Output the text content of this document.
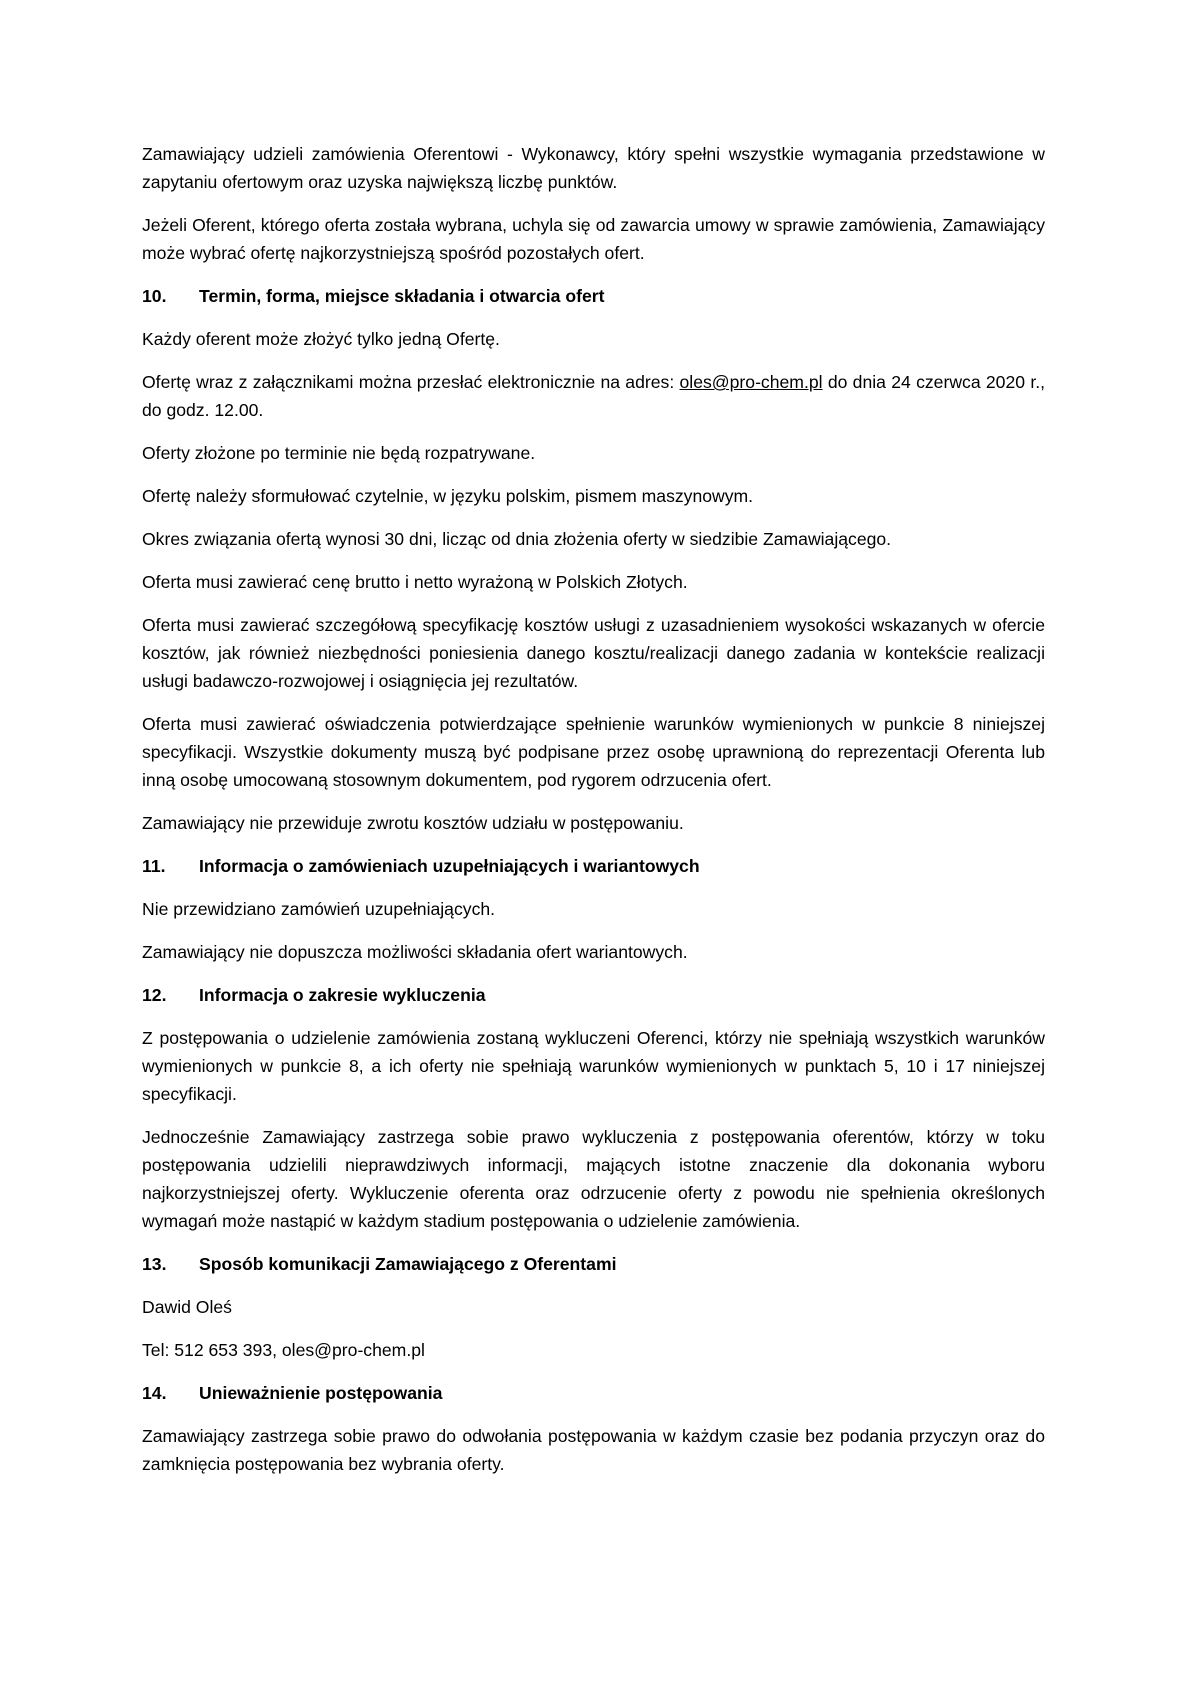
Zamawiający udzieli zamówienia Oferentowi - Wykonawcy, który spełni wszystkie wymagania przedstawione w zapytaniu ofertowym oraz uzyska największą liczbę punktów.

Jeżeli Oferent, którego oferta została wybrana, uchyla się od zawarcia umowy w sprawie zamówienia, Zamawiający może wybrać ofertę najkorzystniejszą spośród pozostałych ofert.

10.	Termin, forma, miejsce składania i otwarcia ofert

Każdy oferent może złożyć tylko jedną Ofertę.

Ofertę wraz z załącznikami można przesłać elektronicznie na adres: oles@pro-chem.pl do dnia 24 czerwca 2020 r., do godz. 12.00.

Oferty złożone po terminie nie będą rozpatrywane.

Ofertę należy sformułować czytelnie, w języku polskim, pismem maszynowym.

Okres związania ofertą wynosi 30 dni, licząc od dnia złożenia oferty w siedzibie Zamawiającego.

Oferta musi zawierać cenę brutto i netto wyrażoną w Polskich Złotych.

Oferta musi zawierać szczegółową specyfikację kosztów usługi z uzasadnieniem wysokości wskazanych w ofercie kosztów, jak również niezbędności poniesienia danego kosztu/realizacji danego zadania w kontekście realizacji usługi badawczo-rozwojowej i osiągnięcia jej rezultatów.

Oferta musi zawierać oświadczenia potwierdzające spełnienie warunków wymienionych w punkcie 8 niniejszej specyfikacji. Wszystkie dokumenty muszą być podpisane przez osobę uprawnioną do reprezentacji Oferenta lub inną osobę umocowaną stosownym dokumentem, pod rygorem odrzucenia ofert.

Zamawiający nie przewiduje zwrotu kosztów udziału w postępowaniu.

11.	Informacja o zamówieniach uzupełniających i wariantowych

Nie przewidziano zamówień uzupełniających.

Zamawiający nie dopuszcza możliwości składania ofert wariantowych.

12.	Informacja o zakresie wykluczenia

Z postępowania o udzielenie zamówienia zostaną wykluczeni Oferenci, którzy nie spełniają wszystkich warunków wymienionych w punkcie 8, a ich oferty nie spełniają warunków wymienionych w punktach 5, 10 i 17 niniejszej specyfikacji.

Jednocześnie Zamawiający zastrzega sobie prawo wykluczenia z postępowania oferentów, którzy w toku postępowania udzielili nieprawdziwych informacji, mających istotne znaczenie dla dokonania wyboru najkorzystniejszej oferty. Wykluczenie oferenta oraz odrzucenie oferty z powodu nie spełnienia określonych wymagań może nastąpić w każdym stadium postępowania o udzielenie zamówienia.

13.	Sposób komunikacji Zamawiającego z Oferentami

Dawid Oleś

Tel: 512 653 393, oles@pro-chem.pl

14.	Unieważnienie postępowania

Zamawiający zastrzega sobie prawo do odwołania postępowania w każdym czasie bez podania przyczyn oraz do zamknięcia postępowania bez wybrania oferty.
